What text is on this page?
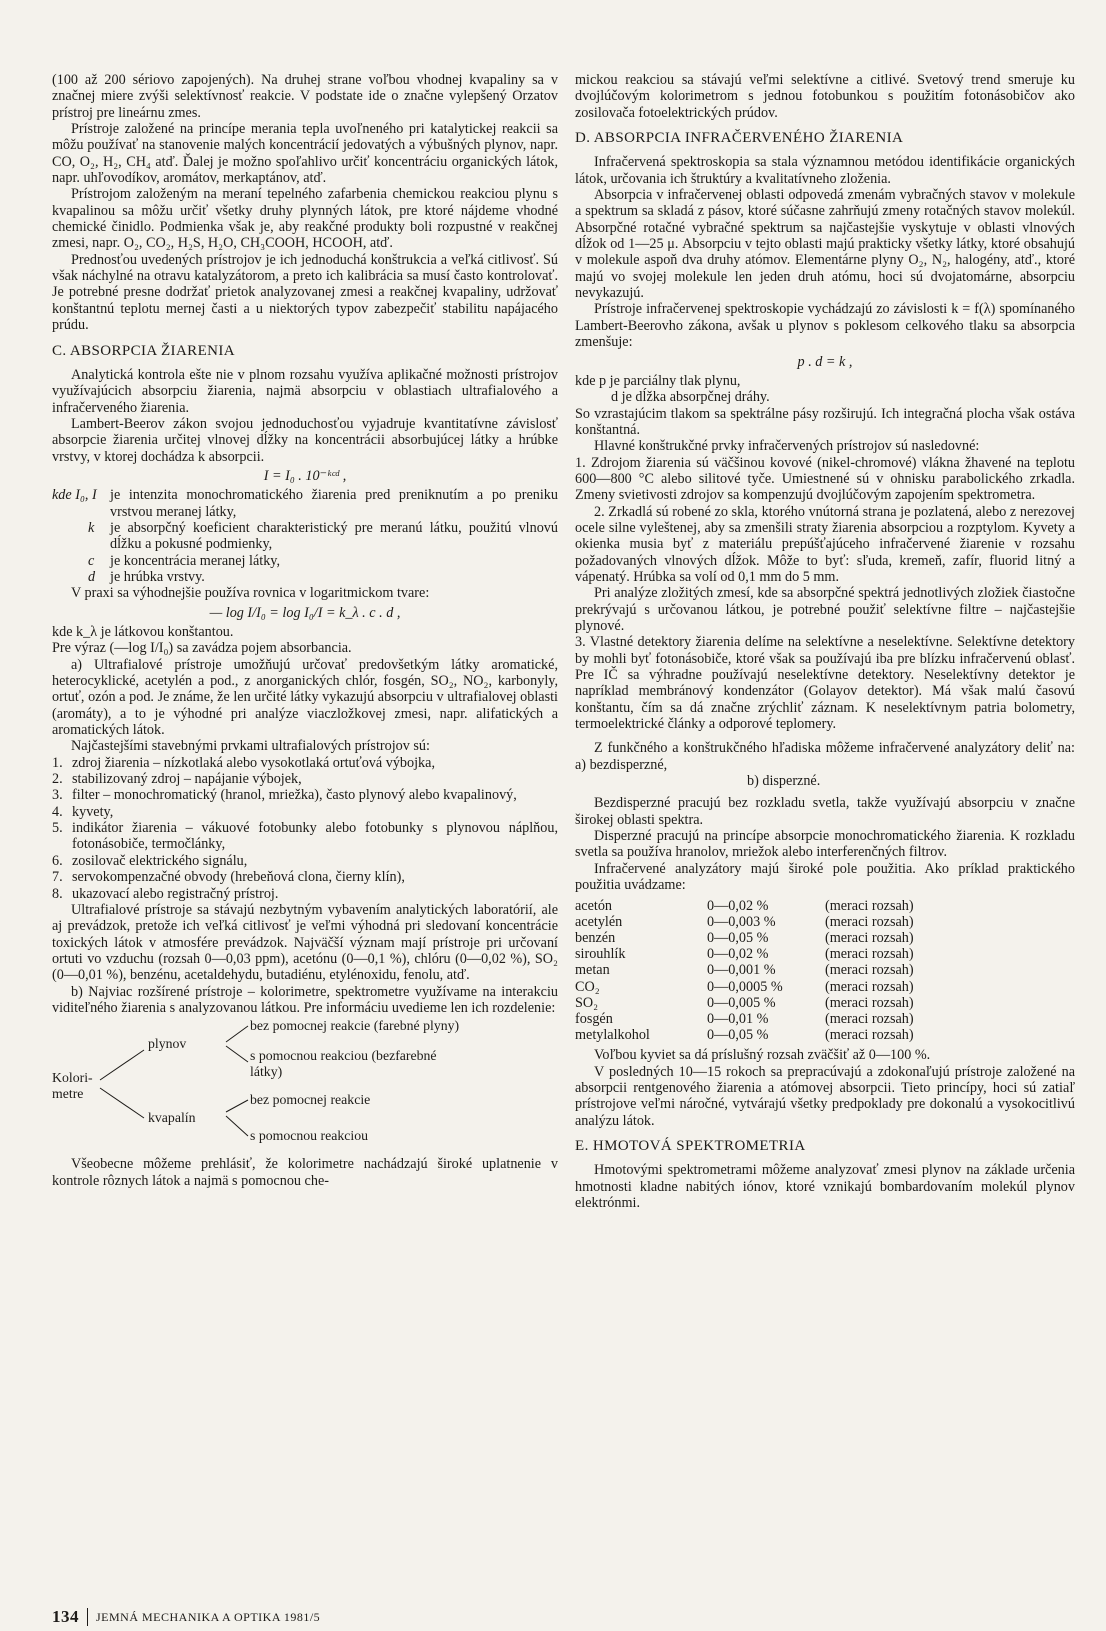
(100 až 200 sériovo zapojených). Na druhej strane voľbou vhodnej kvapaliny sa v značnej miere zvýši selektívnosť reakcie. V podstate ide o značne vylepšený Orzatov prístroj pre lineárnu zmes.

Prístroje založené na princípe merania tepla uvoľneného pri katalytickej reakcii sa môžu používať na stanovenie malých koncentrácií jedovatých a výbušných plynov, napr. CO, O₂, H₂, CH₄ atď. Ďalej je možno spoľahlivo určiť koncentráciu organických látok, napr. uhľovodíkov, aromátov, merkaptánov, atď.

Prístrojom založeným na meraní tepelného zafarbenia chemickou reakciou plynu s kvapalinou sa môžu určiť všetky druhy plynných látok, pre ktoré nájdeme vhodné chemické činidlo. Podmienka však je, aby reakčné produkty boli rozpustné v reakčnej zmesi, napr. O₂, CO₂, H₂S, H₂O, CH₃COOH, HCOOH, atď.

Prednosťou uvedených prístrojov je ich jednoduchá konštrukcia a veľká citlivosť. Sú však náchylné na otravu katalyzátorom, a preto ich kalibrácia sa musí často kontrolovať. Je potrebné presne dodržať prietok analyzovanej zmesi a reakčnej kvapaliny, udržovať konštantnú teplotu mernej časti a u niektorých typov zabezpečiť stabilitu napájacého prúdu.

C. ABSORPCIA ŽIARENIA

Analytická kontrola ešte nie v plnom rozsahu využíva aplikačné možnosti prístrojov využívajúcich absorpciu žiarenia, najmä absorpciu v oblastiach ultrafialového a infračerveného žiarenia.

Lambert-Beerov zákon svojou jednoduchosťou vyjadruje kvantitatívne závislosť absorpcie žiarenia určitej vlnovej dĺžky na koncentrácii absorbujúcej látky a hrúbke vrstvy, v ktorej dochádza k absorpcii.

I = I₀ . 10⁻ᵏᶜᵈ ,
kde I₀, I je intenzita monochromatického žiarenia pred preniknutím a po preniku vrstvou meranej látky,
k	je absorpčný koeficient charakteristický pre meranú látku, použitú vlnovú dĺžku a pokusné podmienky,
c	je koncentrácia meranej látky,
d	je hrúbka vrstvy.

V praxi sa výhodnejšie používa rovnica v logaritmickom tvare:

— log I/I₀ = log I₀/I = k_λ . c . d ,

kde k_λ je látkovou konštantou.

Pre výraz (—log I/I₀) sa zavádza pojem absorbancia.

a) Ultrafialové prístroje umožňujú určovať predovšetkým látky aromatické, heterocyklické, acetylén a pod., z anorganických chlór, fosgén, SO₂, NO₂, karbonyly, ortuť, ozón a pod. Je známe, že len určité látky vykazujú absorpciu v ultrafialovej oblasti (aromáty), a to je výhodné pri analýze viaczložkovej zmesi, napr. alifatických a aromatických látok.

Najčastejšími stavebnými prvkami ultrafialových prístrojov sú:

1. zdroj žiarenia – nízkotlaká alebo vysokotlaká ortuťová výbojka,
2. stabilizovaný zdroj – napájanie výbojek,
3. filter – monochromatický (hranol, mriežka), často plynový alebo kvapalinový,
4. kyvety,
5. indikátor žiarenia – vákuové fotobunky alebo fotobunky s plynovou náplňou, fotonásobiče, termočlánky,
6. zosilovač elektrického signálu,
7. servokompenzačné obvody (hrebeňová clona, čierny klín),
8. ukazovací alebo registračný prístroj.

Ultrafialové prístroje sa stávajú nezbytným vybavením analytických laboratórií, ale aj prevádzok, pretože ich veľká citlivosť je veľmi výhodná pri sledovaní koncentrácie toxických látok v atmosfére prevádzok. Najväčší význam mají prístroje pri určovaní ortuti vo vzduchu (rozsah 0—0,03 ppm), acetónu (0—0,1 %), chlóru (0—0,02 %), SO₂ (0—0,01 %), benzénu, acetaldehydu, butadiénu, etylénoxidu, fenolu, atď.

b) Najviac rozšírené prístroje – kolorimetre, spektrometre využívame na interakciu viditeľného žiarenia s analyzovanou látkou. Pre informáciu uvedieme len ich rozdelenie:

Kolori-
metre
plynov
kvapalín
bez pomocnej reakcie (farebné plyny)
s pomocnou reakciou (bezfarebné
látky)
bez pomocnej reakcie
s pomocnou reakciou

Všeobecne môžeme prehlásiť, že kolorimetre nachádzajú široké uplatnenie v kontrole rôznych látok a najmä s pomocnou che-

mickou reakciou sa stávajú veľmi selektívne a citlivé. Svetový trend smeruje ku dvojlúčovým kolorimetrom s jednou fotobunkou s použitím fotonásobičov ako zosilovača fotoelektrických prúdov.

D. ABSORPCIA INFRAČERVENÉHO ŽIARENIA

Infračervená spektroskopia sa stala významnou metódou identifikácie organických látok, určovania ich štruktúry a kvalitatívneho zloženia.

Absorpcia v infračervenej oblasti odpovedá zmenám vybračných stavov v molekule a spektrum sa skladá z pásov, ktoré súčasne zahrňujú zmeny rotačných stavov molekúl. Absorpčné rotačné vybračné spektrum sa najčastejšie vyskytuje v oblasti vlnových dĺžok od 1—25 μ. Absorpciu v tejto oblasti majú prakticky všetky látky, ktoré obsahujú v molekule aspoň dva druhy atómov. Elementárne plyny O₂, N₂, halogény, atď., ktoré majú vo svojej molekule len jeden druh atómu, hoci sú dvojatomárne, absorpciu nevykazujú.

Prístroje infračervenej spektroskopie vychádzajú zo závislosti k = f(λ) spomínaného Lambert-Beerovho zákona, avšak u plynov s poklesom celkového tlaku sa absorpcia zmenšuje:

p . d = k ,

kde p je parciálny tlak plynu,

d je dĺžka absorpčnej dráhy.

So vzrastajúcim tlakom sa spektrálne pásy rozširujú. Ich integračná plocha však ostáva konštantná.

Hlavné konštrukčné prvky infračervených prístrojov sú nasledovné:

1. Zdrojom žiarenia sú väčšinou kovové (nikel-chromové) vlákna žhavené na teplotu 600—800 °C alebo silitové tyče. Umiestnené sú v ohnisku parabolického zrkadla. Zmeny svietivosti zdrojov sa kompenzujú dvojlúčovým zapojením spektrometra.

2. Zrkadlá sú robené zo skla, ktorého vnútorná strana je pozlatená, alebo z nerezovej ocele silne vyleštenej, aby sa zmenšili straty žiarenia absorpciou a rozptylom. Kyvety a okienka musia byť z materiálu prepúšťajúceho infračervené žiarenie v rozsahu požadovaných vlnových dĺžok. Môže to byť: sľuda, kremeň, zafír, fluorid litný a vápenatý. Hrúbka sa volí od 0,1 mm do 5 mm.

Pri analýze zložitých zmesí, kde sa absorpčné spektrá jednotlivých zložiek čiastočne prekrývajú s určovanou látkou, je potrebné použiť selektívne filtre – najčastejšie plynové.

3. Vlastné detektory žiarenia delíme na selektívne a neselektívne. Selektívne detektory by mohli byť fotonásobiče, ktoré však sa používajú iba pre blízku infračervenú oblasť. Pre IČ sa výhradne používajú neselektívne detektory. Neselektívny detektor je napríklad membránový kondenzátor (Golayov detektor). Má však malú časovú konštantu, čím sa dá značne zrýchliť záznam. K neselektívnym patria bolometry, termoelektrické články a odporové teplomery.

Z funkčného a konštrukčného hľadiska môžeme infračervené analyzátory deliť na: a) bezdisperzné,

b) disperzné.

Bezdisperzné pracujú bez rozkladu svetla, takže využívajú absorpciu v značne širokej oblasti spektra.

Disperzné pracujú na princípe absorpcie monochromatického žiarenia. K rozkladu svetla sa používa hranolov, mriežok alebo interferenčných filtrov.

Infračervené analyzátory majú široké pole použitia. Ako príklad praktického použitia uvádzame:

acetón	0—0,02 %	(meraci rozsah)
acetylén	0—0,003 %	(meraci rozsah)
benzén	0—0,05 %	(meraci rozsah)
sirouhlík	0—0,02 %	(meraci rozsah)
metan	0—0,001 %	(meraci rozsah)
CO₂	0—0,0005 %	(meraci rozsah)
SO₂	0—0,005 %	(meraci rozsah)
fosgén	0—0,01 %	(meraci rozsah)
metylalkohol	0—0,05 %	(meraci rozsah)

Voľbou kyviet sa dá príslušný rozsah zväčšiť až 0—100 %.

V posledných 10—15 rokoch sa prepracúvajú a zdokonaľujú prístroje založené na absorpcii rentgenového žiarenia a atómovej absorpcii. Tieto princípy, hoci sú zatiaľ prístrojove veľmi náročné, vytvárajú všetky predpoklady pre dokonalú a vysokocitlivú analýzu látok.

E. HMOTOVÁ SPEKTROMETRIA

Hmotovými spektrometrami môžeme analyzovať zmesi plynov na základe určenia hmotnosti kladne nabitých iónov, ktoré vznikajú bombardovaním molekúl plynov elektrónmi.

134 JEMNÁ MECHANIKA A OPTIKA 1981/5
